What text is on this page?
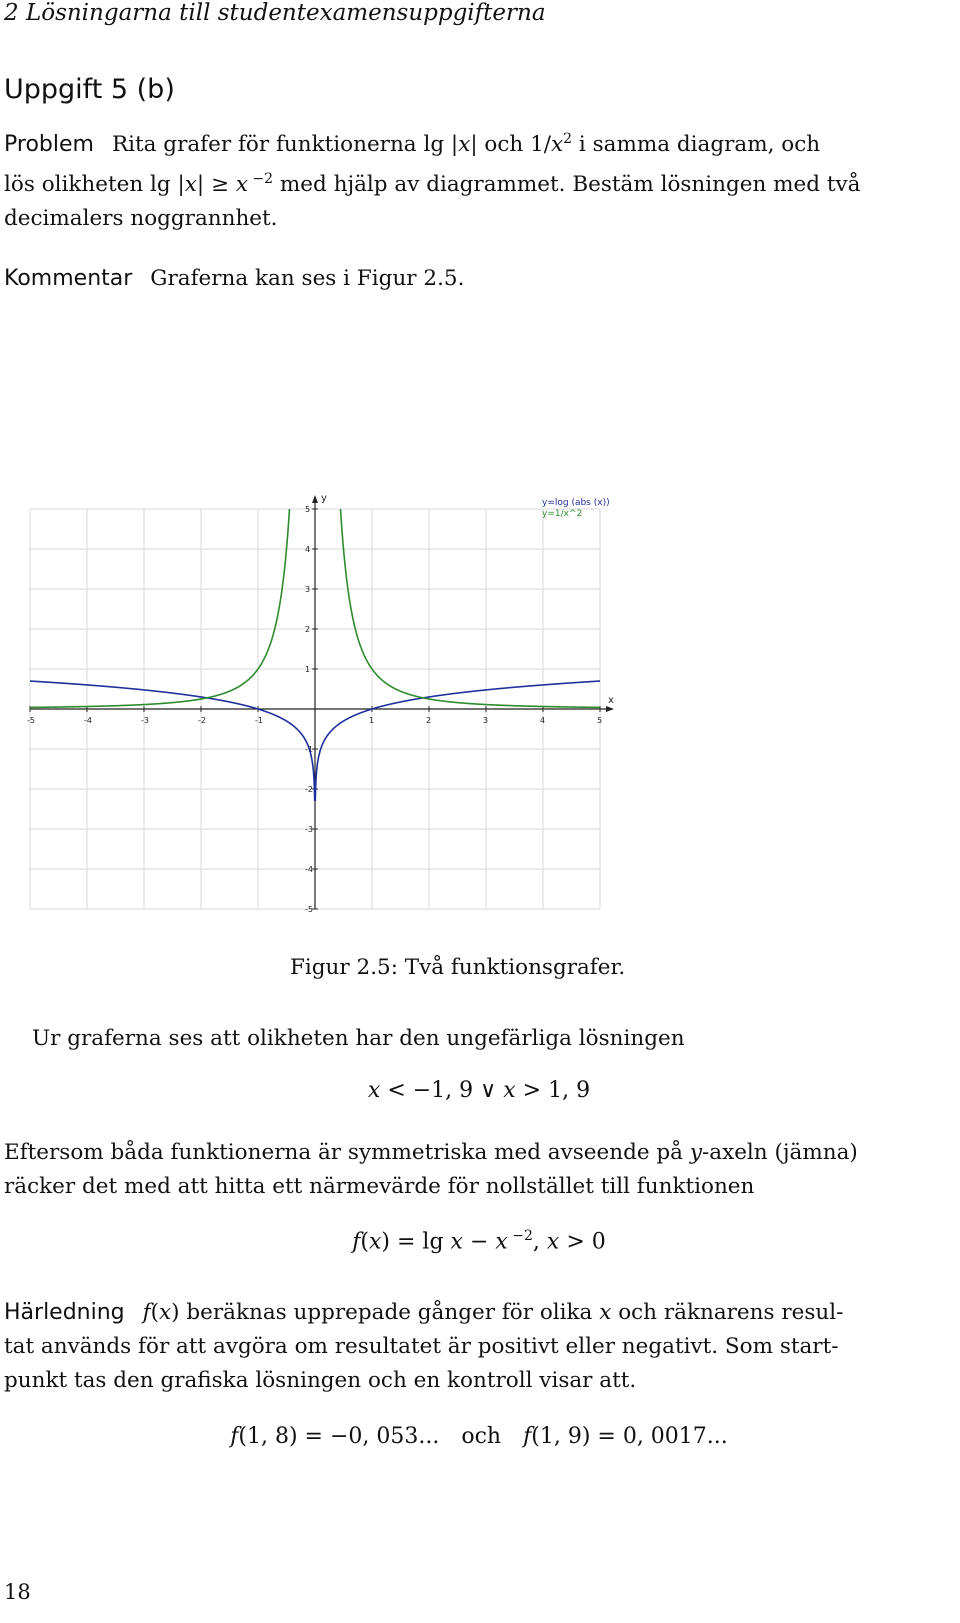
2 Lösningarna till studentexamensuppgifterna
Uppgift 5 (b)
Problem Rita grafer för funktionerna lg |x| och $1/x^2$ i samma diagram, och
lös olikheten lg |x| ≥ x $^{-2}$ med hjälp av diagrammet. Bestäm lösningen med två
decimalers noggrannhet.
Kommentar Graferna kan ses i Figur 2.5.
x
y
-5	-4	-3	-2	-1	1	2	3	4	5
5
4
3
2
1
-1
-2
-3
-4
-5
y=log (abs (x))
y=1/x^2
Figur 2.5: Två funktionsgrafer.
Ur graferna ses att olikheten har den ungefärliga lösningen
x < −1, 9 ∨ x > 1, 9
Eftersom båda funktionerna är symmetriska med avseende på y-axeln (jämna)
räcker det med att hitta ett närmevärde för nollstället till funktionen
f(x) = lg x − x $^{-2}$, x > 0
Härledning f(x) beräknas upprepade gånger för olika x och räknarens resul-
tat används för att avgöra om resultatet är positivt eller negativt. Som start-
punkt tas den grafiska lösningen och en kontroll visar att.
f(1, 8) = −0, 053... och f(1, 9) = 0, 0017...
18
